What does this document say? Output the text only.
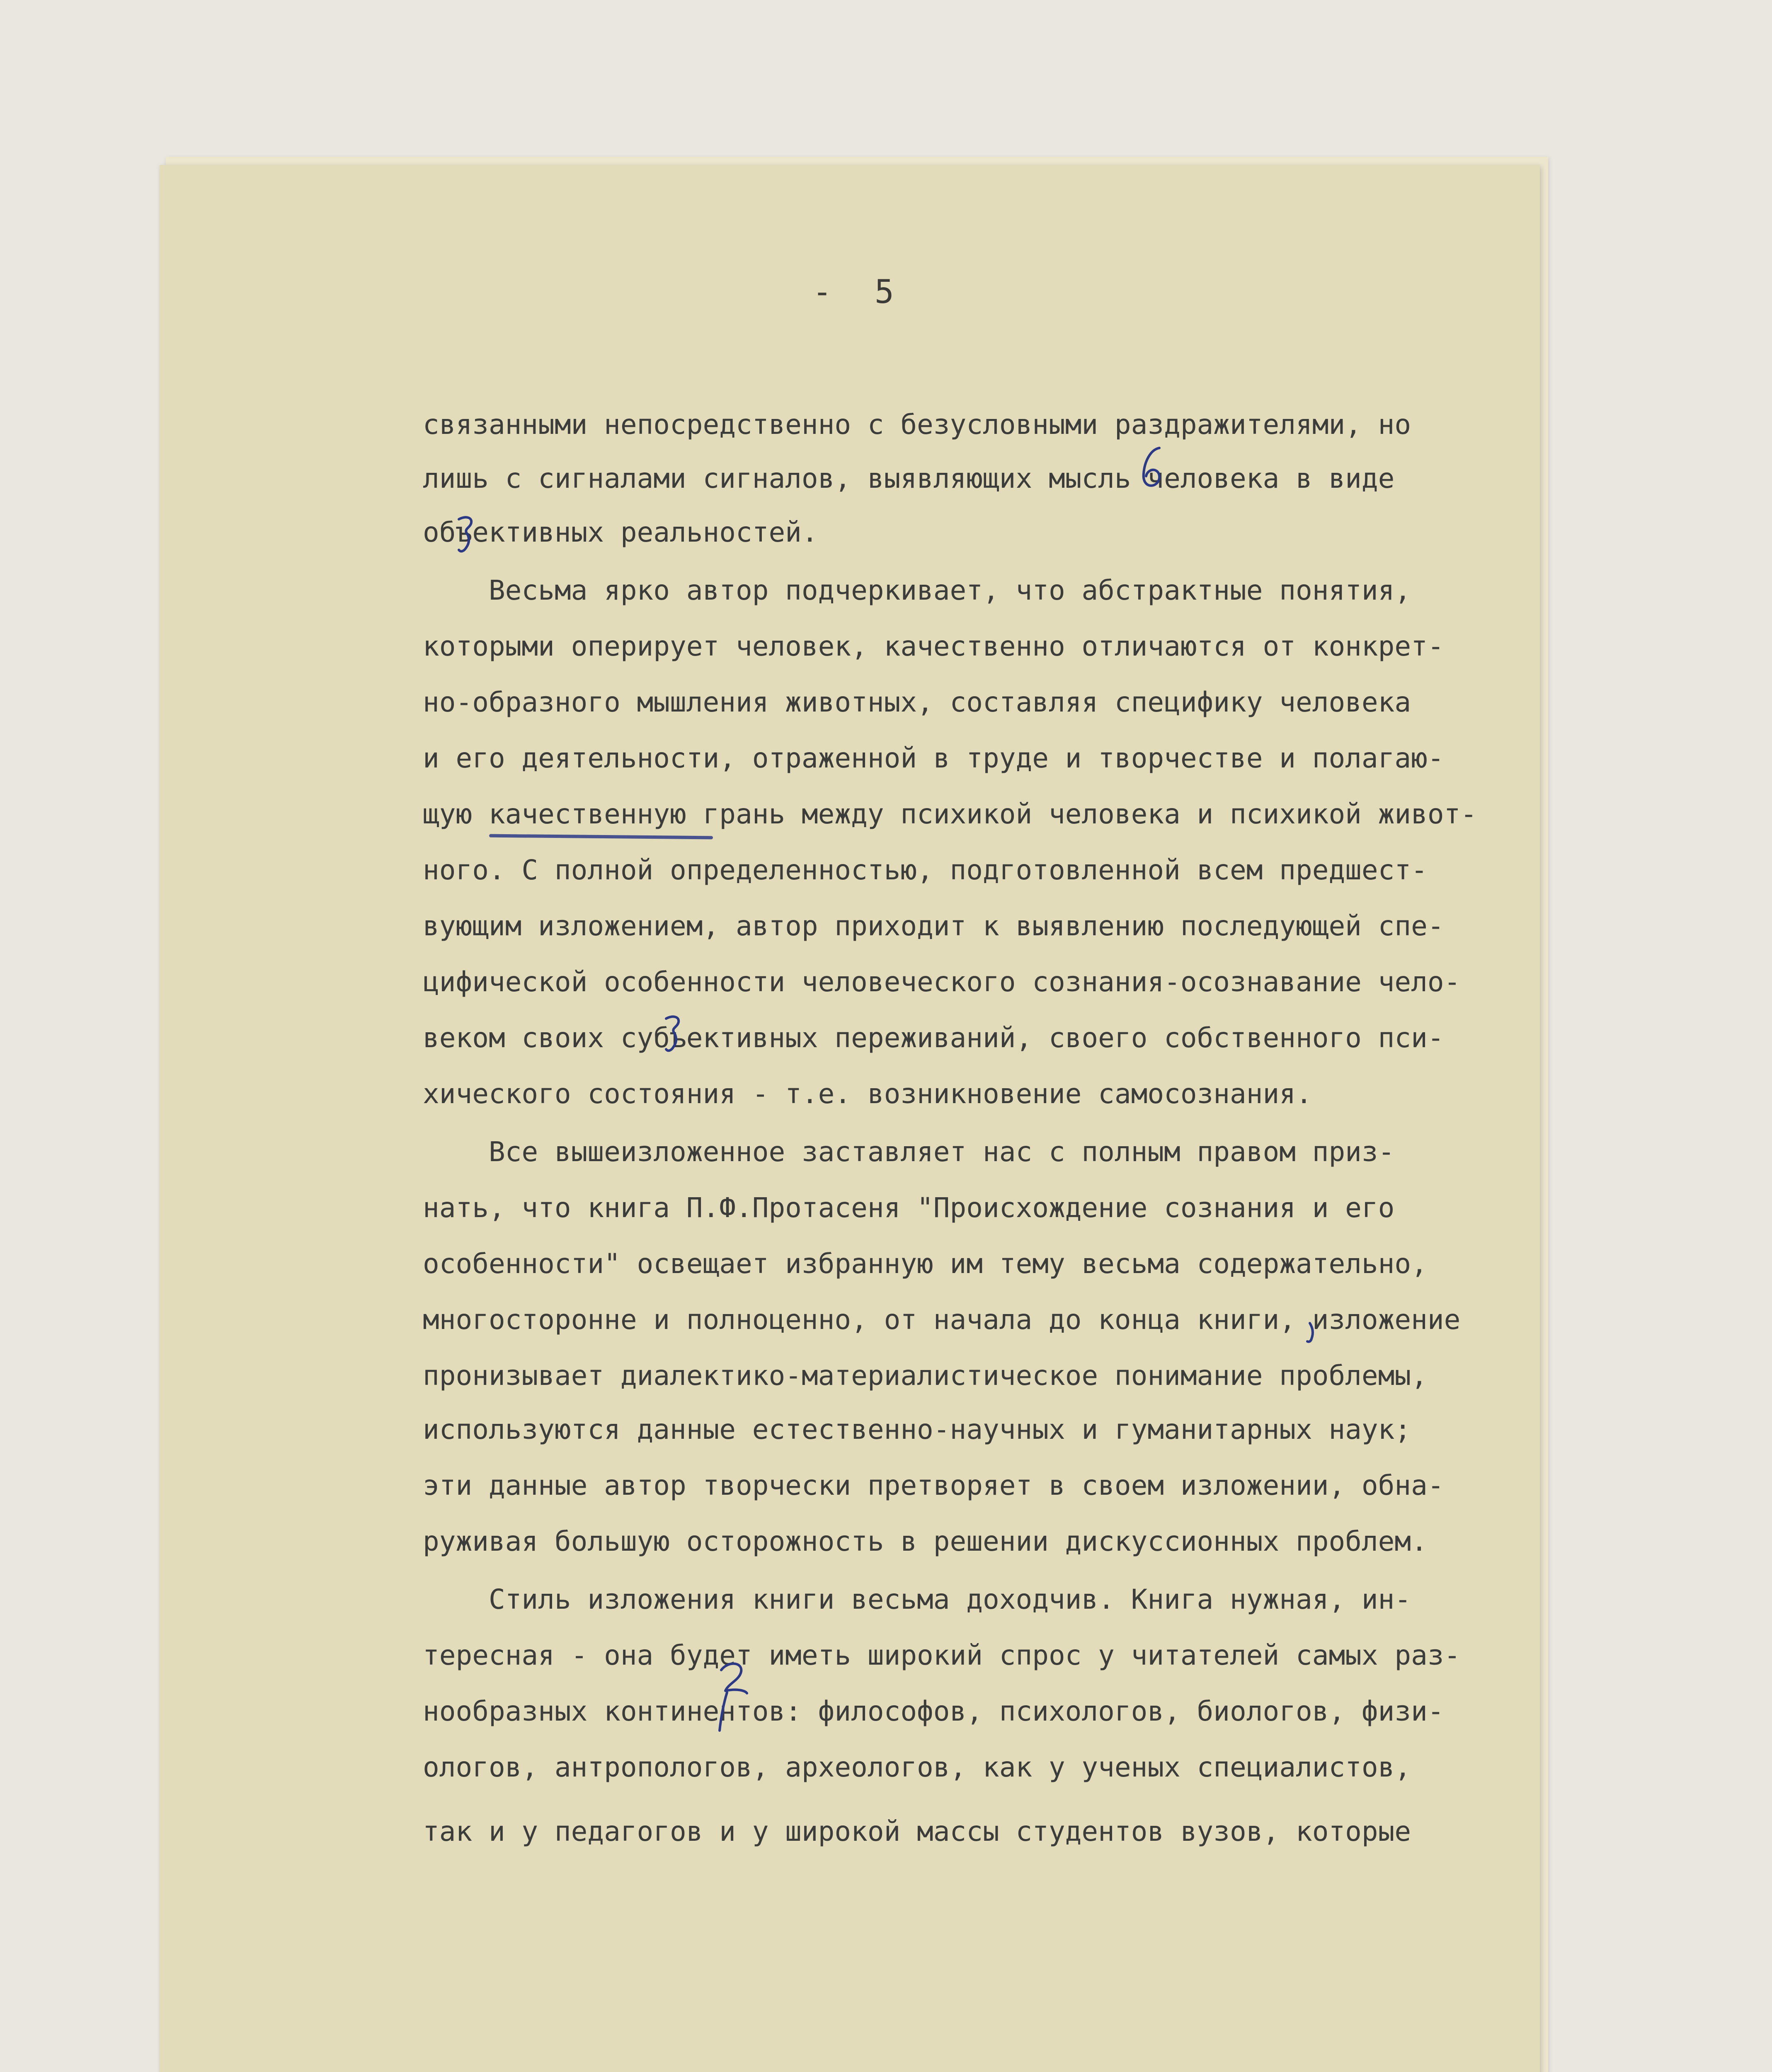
- 5
связанными непосредственно с безусловными раздражителями, но
лишь с сигналами сигналов, выявляющих мысль человека в виде
объективных реальностей.
Весьма ярко автор подчеркивает, что абстрактные понятия,
которыми оперирует человек, качественно отличаются от конкрет-
но-образного мышления животных, составляя специфику человека
и его деятельности, отраженной в труде и творчестве и полагаю-
щую качественную грань между психикой человека и психикой живот-
ного. С полной определенностью, подготовленной всем предшест-
вующим изложением, автор приходит к выявлению последующей спе-
цифической особенности человеческого сознания-осознавание чело-
веком своих субъективных переживаний, своего собственного пси-
хического состояния - т.е. возникновение самосознания.
Все вышеизложенное заставляет нас с полным правом приз-
нать, что книга П.Ф.Протасеня "Происхождение сознания и его
особенности" освещает избранную им тему весьма содержательно,
многосторонне и полноценно, от начала до конца книги, изложение
пронизывает диалектико-материалистическое понимание проблемы,
используются данные естественно-научных и гуманитарных наук;
эти данные автор творчески претворяет в своем изложении, обна-
руживая большую осторожность в решении дискуссионных проблем.
Стиль изложения книги весьма доходчив. Книга нужная, ин-
тересная - она будет иметь широкий спрос у читателей самых раз-
нообразных континентов: философов, психологов, биологов, физи-
ологов, антропологов, археологов, как у ученых специалистов,
так и у педагогов и у широкой массы студентов вузов, которые
